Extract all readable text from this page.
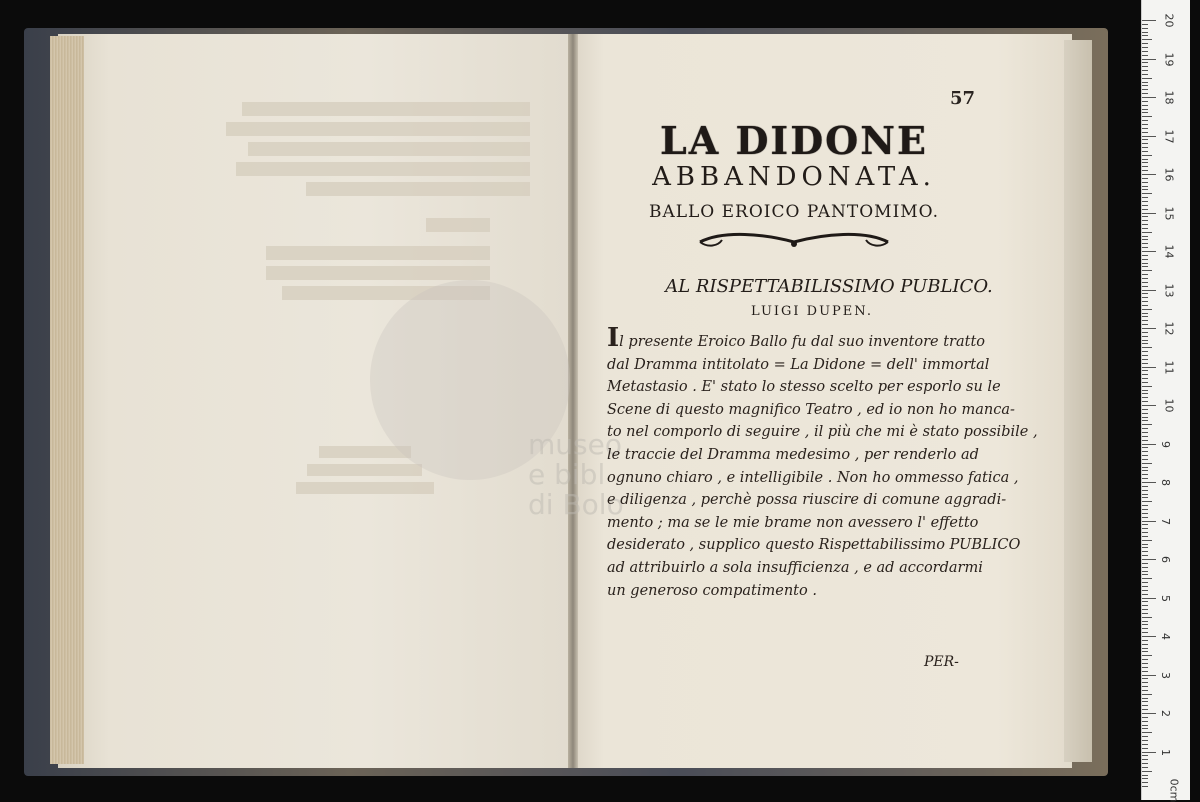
museo
e bibl
di Bolo
57
LA DIDONE
ABBANDONATA.
BALLO EROICO PANTOMIMO.
AL RISPETTABILISSIMO PUBLICO.
LUIGI DUPEN.
Il presente Eroico Ballo fu dal suo inventore tratto
dal Dramma intitolato = La Didone = dell' immortal
Metastasio . E' stato lo stesso scelto per esporlo su le
Scene di questo magnifico Teatro , ed io non ho manca-
to nel comporlo di seguire , il più che mi è stato possibile ,
le traccie del Dramma medesimo , per renderlo ad
ognuno chiaro , e intelligibile . Non ho ommesso fatica ,
e diligenza , perchè possa riuscire di comune aggradi-
mento ; ma se le mie brame non avessero l' effetto
desiderato , supplico questo Rispettabilissimo PUBLICO
ad attribuirlo a sola insufficienza , e ad accordarmi
un generoso compatimento .
PER-
20
19
18
17
16
15
14
13
12
11
10
9
8
7
6
5
4
3
2
1
0cm
